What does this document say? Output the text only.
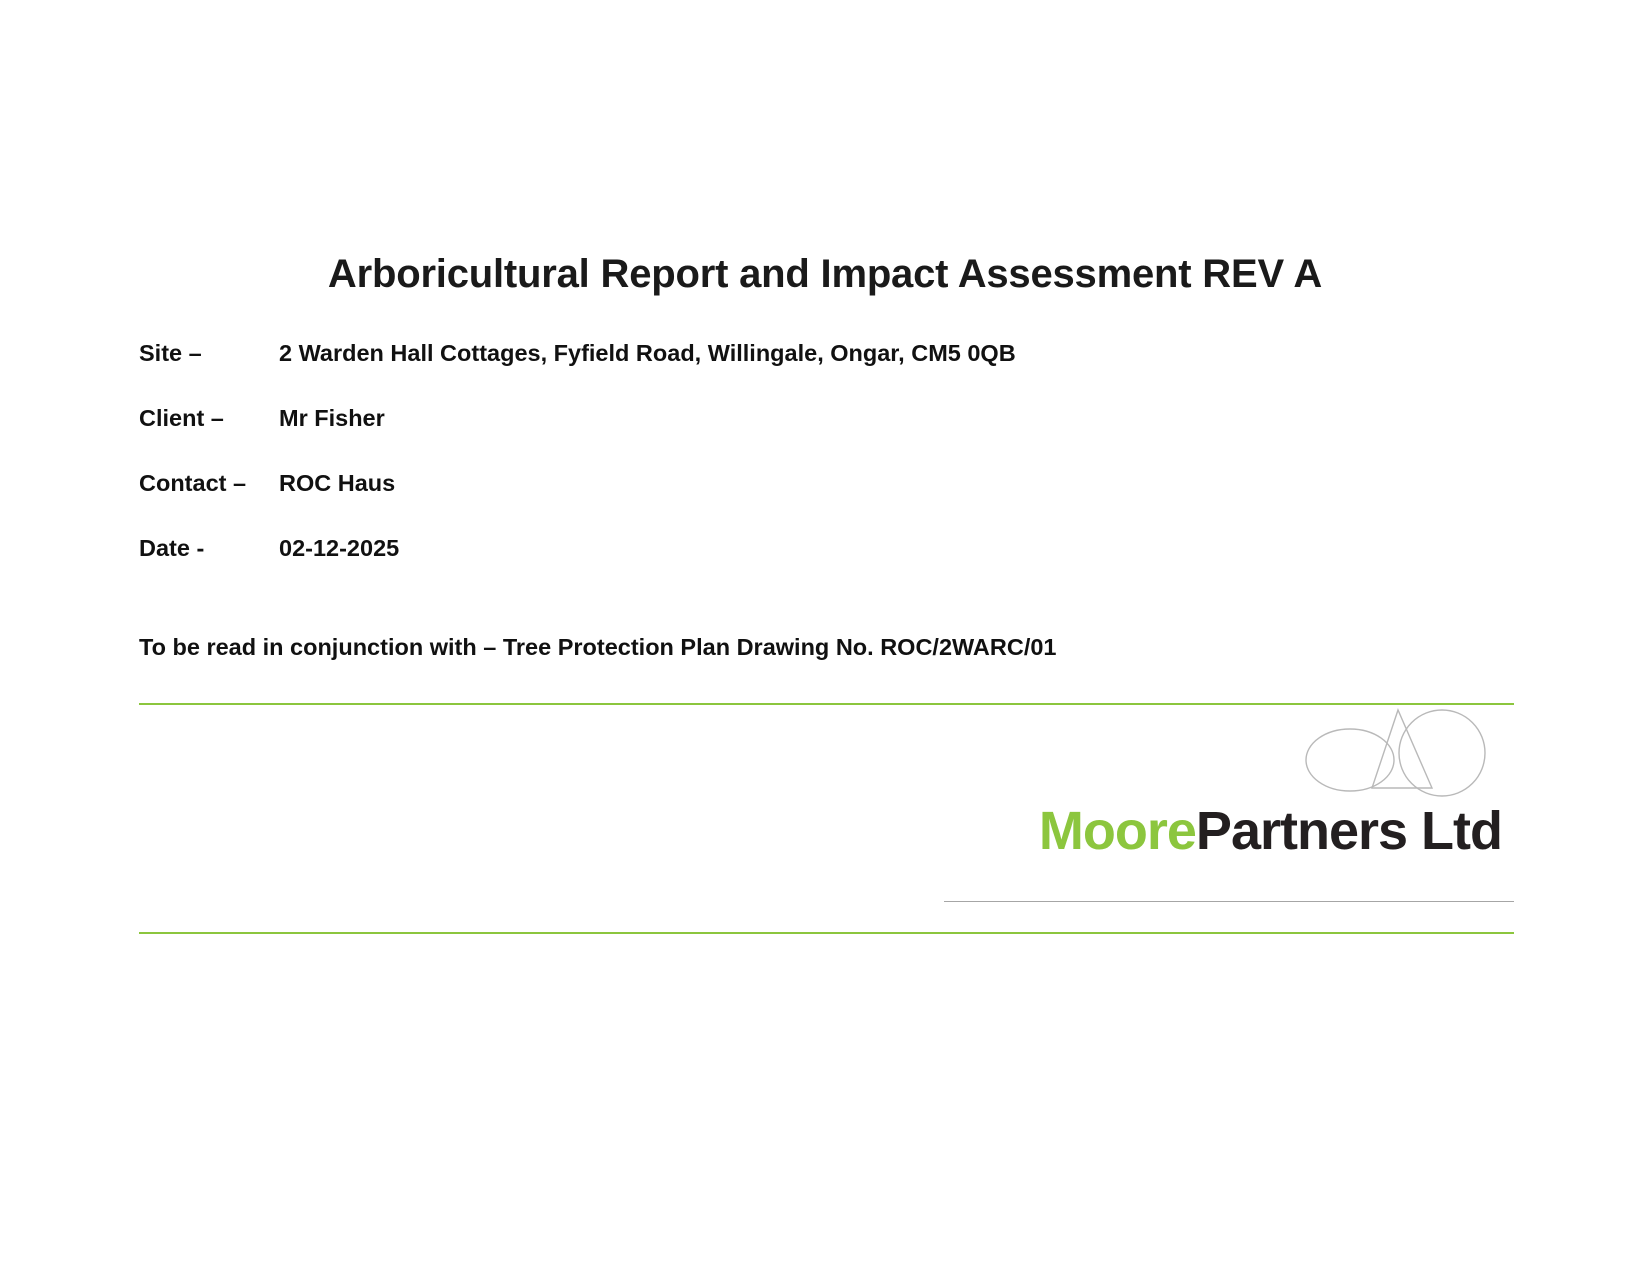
Arboricultural Report and Impact Assessment REV A
Site –	2 Warden Hall Cottages, Fyfield Road, Willingale, Ongar, CM5 0QB
Client –	Mr Fisher
Contact –	ROC Haus
Date -	02-12-2025
To be read in conjunction with – Tree Protection Plan Drawing No. ROC/2WARC/01
MoorePartners Ltd
